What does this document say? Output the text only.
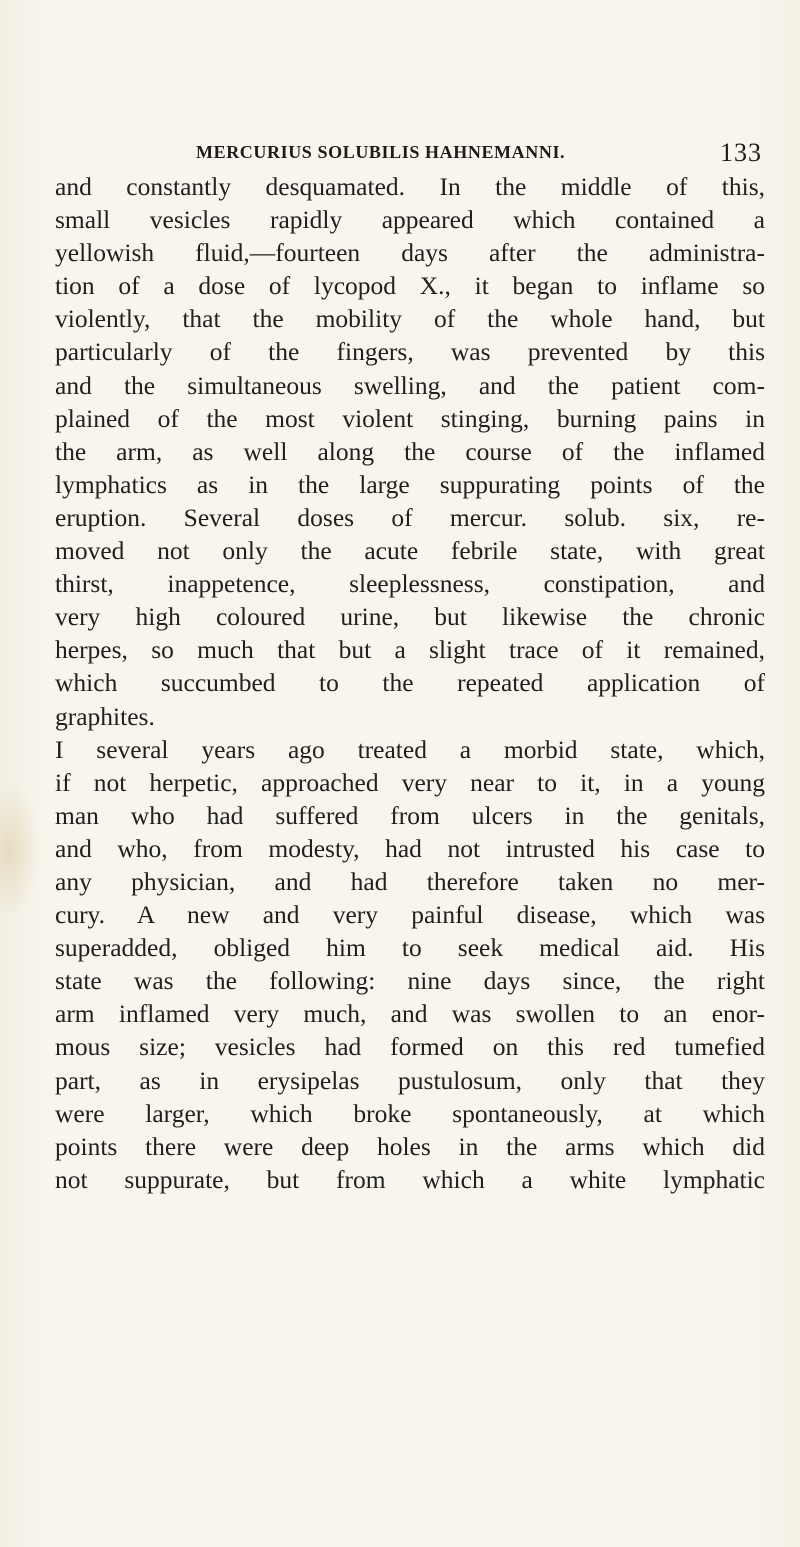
MERCURIUS SOLUBILIS HAHNEMANNI.	133
and constantly desquamated. In the middle of this,
small vesicles rapidly appeared which contained a
yellowish fluid,—fourteen days after the administra-
tion of a dose of lycopod X., it began to inflame so
violently, that the mobility of the whole hand, but
particularly of the fingers, was prevented by this
and the simultaneous swelling, and the patient com-
plained of the most violent stinging, burning pains in
the arm, as well along the course of the inflamed
lymphatics as in the large suppurating points of the
eruption. Several doses of mercur. solub. six, re-
moved not only the acute febrile state, with great
thirst, inappetence, sleeplessness, constipation, and
very high coloured urine, but likewise the chronic
herpes, so much that but a slight trace of it remained,
which succumbed to the repeated application of
graphites.
I several years ago treated a morbid state, which,
if not herpetic, approached very near to it, in a young
man who had suffered from ulcers in the genitals,
and who, from modesty, had not intrusted his case to
any physician, and had therefore taken no mer-
cury. A new and very painful disease, which was
superadded, obliged him to seek medical aid. His
state was the following: nine days since, the right
arm inflamed very much, and was swollen to an enor-
mous size; vesicles had formed on this red tumefied
part, as in erysipelas pustulosum, only that they
were larger, which broke spontaneously, at which
points there were deep holes in the arms which did
not suppurate, but from which a white lymphatic
